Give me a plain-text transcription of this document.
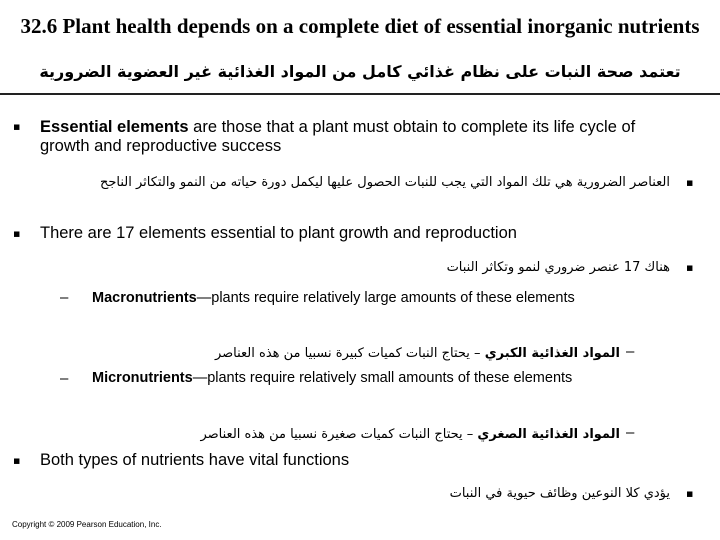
32.6 Plant health depends on a complete diet of essential inorganic nutrients
تعتمد صحة النبات على نظام غذائي كامل من المواد الغذائية غير العضوية الضرورية
▪ Essential elements are those that a plant must obtain to complete its life cycle of growth and reproductive success
العناصر الضرورية هي تلك المواد التي يجب للنبات الحصول عليها ليكمل دورة حياته من النمو والتكاثر الناجح ▪
▪ There are 17 elements essential to plant growth and reproduction
هناك 17 عنصر ضروري لنمو وتكاثر النبات ▪
– Macronutrients—plants require relatively large amounts of these elements
المواد الغذائية الكبري – يحتاج النبات كميات كبيرة نسبيا من هذه العناصر	–
– Micronutrients—plants require relatively small amounts of these elements
المواد الغذائية الصغري – يحتاج النبات كميات صغيرة نسبيا من هذه العناصر	–
▪ Both types of nutrients have vital functions
يؤدي كلا النوعين وظائف حيوية في النبات ▪
Copyright © 2009 Pearson Education, Inc.
